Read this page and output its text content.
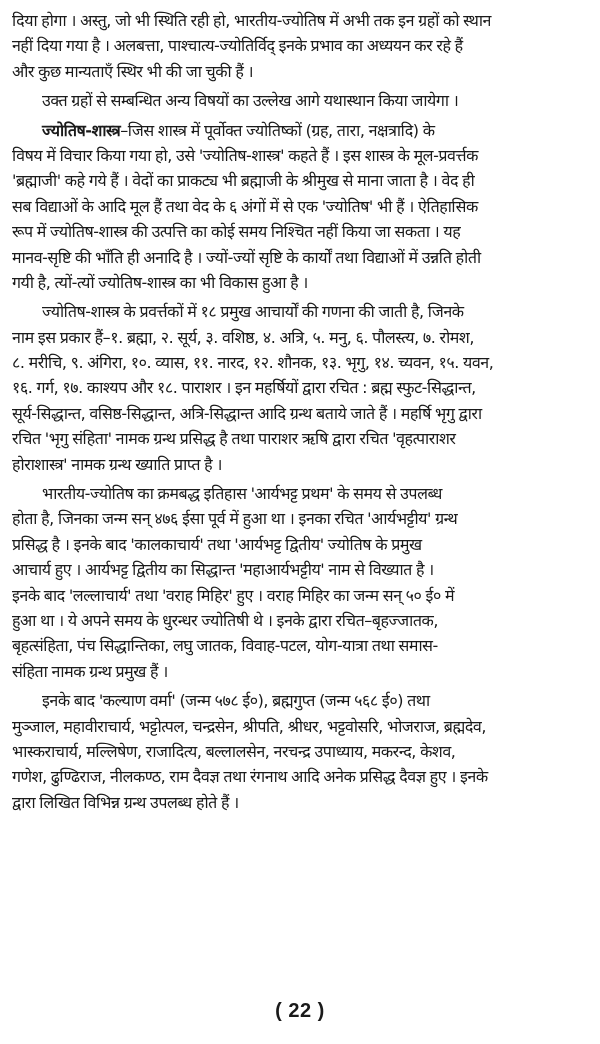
दिया होगा । अस्तु, जो भी स्थिति रही हो, भारतीय-ज्योतिष में अभी तक इन ग्रहों को स्थान
नहीं दिया गया है । अलबत्ता, पाश्चात्य-ज्योतिर्विद् इनके प्रभाव का अध्ययन कर रहे हैं
और कुछ मान्यताएँ स्थिर भी की जा चुकी हैं ।
उक्त ग्रहों से सम्बन्धित अन्य विषयों का उल्लेख आगे यथास्थान किया जायेगा ।
ज्योतिष-शास्त्र–जिस शास्त्र में पूर्वोक्त ज्योतिष्कों (ग्रह, तारा, नक्षत्रादि) के
विषय में विचार किया गया हो, उसे 'ज्योतिष-शास्त्र' कहते हैं । इस शास्त्र के मूल-प्रवर्त्तक
'ब्रह्माजी' कहे गये हैं । वेदों का प्राकट्य भी ब्रह्माजी के श्रीमुख से माना जाता है । वेद ही
सब विद्याओं के आदि मूल हैं तथा वेद के ६ अंगों में से एक 'ज्योतिष' भी हैं । ऐतिहासिक
रूप में ज्योतिष-शास्त्र की उत्पत्ति का कोई समय निश्चित नहीं किया जा सकता । यह
मानव-सृष्टि की भाँति ही अनादि है । ज्यों-ज्यों सृष्टि के कार्यों तथा विद्याओं में उन्नति होती
गयी है, त्यों-त्यों ज्योतिष-शास्त्र का भी विकास हुआ है ।
ज्योतिष-शास्त्र के प्रवर्त्तकों में १८ प्रमुख आचार्यों की गणना की जाती है, जिनके
नाम इस प्रकार हैं–१. ब्रह्मा, २. सूर्य, ३. वशिष्ठ, ४. अत्रि, ५. मनु, ६. पौलस्त्य, ७. रोमश,
८. मरीचि, ९. अंगिरा, १०. व्यास, ११. नारद, १२. शौनक, १३. भृगु, १४. च्यवन, १५. यवन,
१६. गर्ग, १७. काश्यप और १८. पाराशर । इन महर्षियों द्वारा रचित : ब्रह्म स्फुट-सिद्धान्त,
सूर्य-सिद्धान्त, वसिष्ठ-सिद्धान्त, अत्रि-सिद्धान्त आदि ग्रन्थ बताये जाते हैं । महर्षि भृगु द्वारा
रचित 'भृगु संहिता' नामक ग्रन्थ प्रसिद्ध है तथा पाराशर ऋषि द्वारा रचित 'वृहत्पाराशर
होराशास्त्र' नामक ग्रन्थ ख्याति प्राप्त है ।
भारतीय-ज्योतिष का क्रमबद्ध इतिहास 'आर्यभट्ट प्रथम' के समय से उपलब्ध
होता है, जिनका जन्म सन् ४७६ ईसा पूर्व में हुआ था । इनका रचित 'आर्यभट्टीय' ग्रन्थ
प्रसिद्ध है । इनके बाद 'कालकाचार्य' तथा 'आर्यभट्ट द्वितीय' ज्योतिष के प्रमुख
आचार्य हुए । आर्यभट्ट द्वितीय का सिद्धान्त 'महाआर्यभट्टीय' नाम से विख्यात है ।
इनके बाद 'लल्लाचार्य' तथा 'वराह मिहिर' हुए । वराह मिहिर का जन्म सन् ५० ई० में
हुआ था । ये अपने समय के धुरन्धर ज्योतिषी थे । इनके द्वारा रचित–बृहज्जातक,
बृहत्संहिता, पंच सिद्धान्तिका, लघु जातक, विवाह-पटल, योग-यात्रा तथा समास-
संहिता नामक ग्रन्थ प्रमुख हैं ।
इनके बाद 'कल्याण वर्मा' (जन्म ५७८ ई०), ब्रह्मगुप्त (जन्म ५६८ ई०) तथा
मुञ्जाल, महावीराचार्य, भट्टोत्पल, चन्द्रसेन, श्रीपति, श्रीधर, भट्टवोसरि, भोजराज, ब्रह्मदेव,
भास्कराचार्य, मल्लिषेण, राजादित्य, बल्लालसेन, नरचन्द्र उपाध्याय, मकरन्द, केशव,
गणेश, ढुण्ढिराज, नीलकण्ठ, राम दैवज्ञ तथा रंगनाथ आदि अनेक प्रसिद्ध दैवज्ञ हुए । इनके
द्वारा लिखित विभिन्न ग्रन्थ उपलब्ध होते हैं ।
( 22 )
